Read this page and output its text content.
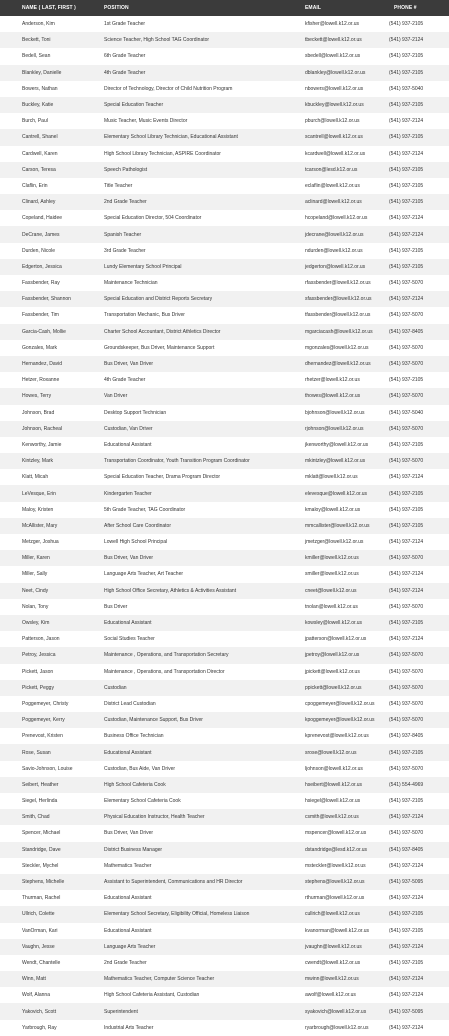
NAME ( LAST, FIRST )	POSITION	EMAIL	PHONE #
Anderson, Kim	1st Grade Teacher	kfisher@lowell.k12.or.us	(541) 937-2105
Beckett, Toni	Science Teacher, High School TAG Coordinator	tbeckett@lowell.k12.or.us	(541) 937-2124
Bedell, Sean	6th Grade Teacher	sbedell@lowell.k12.or.us	(541) 937-2105
Blankley, Danielle	4th Grade Teacher	dblankley@lowell.k12.or.us	(541) 937-2105
Bowers, Nathan	Director of Technology, Director of Child Nutrition Program	nbowers@lowell.k12.or.us	(541) 937-5040
Buckley, Katie	Special Education Teacher	kbuckley@lowell.k12.or.us	(541) 937-2105
Burch, Paul	Music Teacher, Music Events Director	pburch@lowell.k12.or.us	(541) 937-2124
Cantrell, Shanel	Elementary School Library Technician, Educational Assistant	scantrell@lowell.k12.or.us	(541) 937-2105
Cardwell, Karen	High School Library Technician, ASPIRE Coordinator	kcardwell@lowell.k12.or.us	(541) 937-2124
Carson, Teresa	Speech Pathologist	tcarson@lesd.k12.or.us	(541) 937-2105
Claflin, Erin	Title Teacher	eclaflin@lowell.k12.or.us	(541) 937-2105
Clinard, Ashley	2nd Grade Teacher	aclinard@lowell.k12.or.us	(541) 937-2105
Copeland, Haidee	Special Education Director, 504 Coordinator	hcopeland@lowell.k12.or.us	(541) 937-2124
DeCrane, James	Spanish Teacher	jdecrane@lowell.k12.or.us	(541) 937-2124
Durden, Nicole	3rd Grade Teacher	ndurden@lowell.k12.or.us	(541) 937-2105
Edgerton, Jessica	Lundy Elementary School Principal	jedgerton@lowell.k12.or.us	(541) 937-2105
Fassbender, Ray	Maintenance Technician	rfassbender@lowell.k12.or.us	(541) 937-5070
Fassbender, Shannon	Special Education and District Reports Secretary	sfassbender@lowell.k12.or.us	(541) 937-2124
Fassbender, Tim	Transportation Mechanic, Bus Driver	tfassbender@lowell.k12.or.us	(541) 937-5070
Garcia-Cash, Mollie	Charter School Accountant, District Athletics Director	mgarciacash@lowell.k12.or.us	(541) 937-8405
Gonzales, Mark	Groundskeeper, Bus Driver, Maintenance Support	mgonzales@lowell.k12.or.us	(541) 937-5070
Hernandez, David	Bus Driver, Van Driver	dhernandez@lowell.k12.or.us	(541) 937-5070
Hetzer, Roxanne	4th Grade Teacher	rhetzer@lowell.k12.or.us	(541) 937-2105
Howes, Terry	Van Driver	thowes@lowell.k12.or.us	(541) 937-5070
Johnson, Brad	Desktop Support Technician	bjohnson@lowell.k12.or.us	(541) 937-5040
Johnson, Racheal	Custodian, Van Driver	rjohnson@lowell.k12.or.us	(541) 937-5070
Kenworthy, Jamie	Educational Assistant	jkenworthy@lowell.k12.or.us	(541) 937-2105
Kintzley, Mark	Transportation Coordinator, Youth Transition Program Coordinator	mkintzley@lowell.k12.or.us	(541) 937-5070
Klatt, Micah	Special Education Teacher, Drama Program Director	mklatt@lowell.k12.or.us	(541) 937-2124
LeVesque, Erin	Kindergarten Teacher	elevesque@lowell.k12.or.us	(541) 937-2105
Maloy, Kristen	5th Grade Teacher, TAG Coordinator	kmaloy@lowell.k12.or.us	(541) 937-2105
McAllister, Mary	After School Care Coordinator	mmcallister@lowell.k12.or.us	(541) 937-2105
Metzger, Joshua	Lowell High School Principal	jmetzger@lowell.k12.or.us	(541) 937-2124
Miller, Karen	Bus Driver, Van Driver	kmiller@lowell.k12.or.us	(541) 937-5070
Miller, Sally	Language Arts Teacher, Art Teacher	smiller@lowell.k12.or.us	(541) 937-2124
Neet, Cindy	High School Office Secretary, Athletics & Activities Assistant	cneet@lowell.k12.or.us	(541) 937-2124
Nolan, Tony	Bus Driver	tnolan@lowell.k12.or.us	(541) 937-5070
Owsley, Kim	Educational Assistant	kowsley@lowell.k12.or.us	(541) 937-2105
Patterson, Jason	Social Studies Teacher	jpatterson@lowell.k12.or.us	(541) 937-2124
Petroy, Jessica	Maintenance , Operations, and Transportation Secretary	jpetroy@lowell.k12.or.us	(541) 937-5070
Pickett, Jason	Maintenance , Operations, and Transportation Director	jpickett@lowell.k12.or.us	(541) 937-5070
Pickett, Peggy	Custodian	ppickett@lowell.k12.or.us	(541) 937-5070
Poggemeyer, Christy	District Lead Custodian	cpoggemeyer@lowell.k12.or.us	(541) 937-5070
Poggemeyer, Kerry	Custodian, Maintenance Support, Bus Driver	kpoggemeyer@lowell.k12.or.us	(541) 937-5070
Prenevost, Kristen	Business Office Technician	kprenevost@lowell.k12.or.us	(541) 937-8405
Rose, Susan	Educational Assistant	srose@lowell.k12.or.us	(541) 937-2105
Savio-Johnson, Louise	Custodian, Bus Aide, Van Driver	ljohnson@lowell.k12.or.us	(541) 937-5070
Seibert, Heather	High School Cafeteria Cook	hseibert@lowell.k12.or.us	(541) 554-4969
Siegel, Herlinda	Elementary School Cafeteria Cook	hsiegel@lowell.k12.or.us	(541) 937-2105
Smith, Chad	Physical Education Instructor, Health Teacher	csmith@lowell.k12.or.us	(541) 937-2124
Spencer, Michael	Bus Driver, Van Driver	mspencer@lowell.k12.or.us	(541) 937-5070
Standridge, Dave	District Business Manager	dstandridge@lesd.k12.or.us	(541) 937-8405
Steckler, Mychel	Mathematics Teacher	msteckler@lowell.k12.or.us	(541) 937-2124
Stephens, Michelle	Assistant to Superintendent, Communications and HR Director	stephens@lowell.k12.or.us	(541) 937-5095
Thurman, Rachel	Educational Assistant	rthurman@lowell.k12.or.us	(541) 937-2124
Ullrich, Colette	Elementary School Secretary, Eligibility Official, Homeless Liaison	cullrich@lowell.k12.or.us	(541) 937-2105
VanOrman, Kari	Educational Assistant	kvanorman@lowell.k12.or.us	(541) 937-2105
Vaughn, Jesse	Language Arts Teacher	jvaughn@lowell.k12.or.us	(541) 937-2124
Wendt, Chantelle	2nd Grade Teacher	cwendt@lowell.k12.or.us	(541) 937-2105
Winn, Matt	Mathematics Teacher, Computer Science Teacher	mwinn@lowell.k12.or.us	(541) 937-2124
Wolf, Alanna	High School Cafeteria Assistant, Custodian	awolf@lowell.k12.or.us	(541) 937-2124
Yakovich, Scott	Superintendent	syakovich@lowell.k12.or.us	(541) 937-5095
Yarbrough, Ray	Industrial Arts Teacher	ryarbrough@lowell.k12.or.us	(541) 937-2124
